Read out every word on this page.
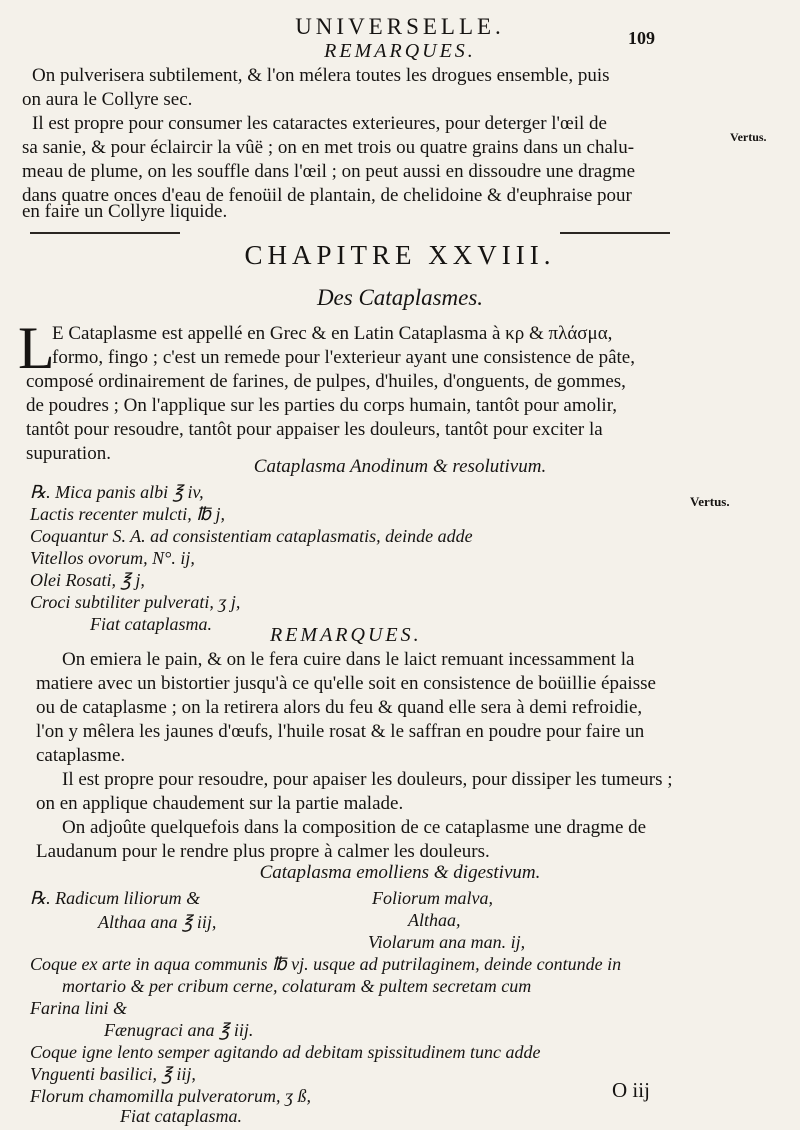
UNIVERSELLE.	109
REMARQUES.
On pulverisera subtilement, & l'on mélera toutes les drogues ensemble, puis
on aura le Collyre sec.
Il est propre pour consumer les cataractes exterieures, pour deterger l'œil de
sa sanie, & pour éclaircir la vûë ; on en met trois ou quatre grains dans un chalu-
meau de plume, on les souffle dans l'œil ; on peut aussi en dissoudre une dragme
dans quatre onces d'eau de fenoüil de plantain, de chelidoine & d'euphraise pour
en faire un Collyre liquide.
Vertus.
CHAPITRE XXVIII.
Des Cataplasmes.
L
E Cataplasme est appellé en Grec & en Latin Cataplasma à κρ & πλάσμα,
formo, fingo ; c'est un remede pour l'exterieur ayant une consistence de pâte,
composé ordinairement de farines, de pulpes, d'huiles, d'onguents, de gommes,
de poudres ; On l'applique sur les parties du corps humain, tantôt pour amolir,
tantôt pour resoudre, tantôt pour appaiser les douleurs, tantôt pour exciter la
supuration.
Cataplasma Anodinum & resolutivum.
℞. Mica panis albi ℥ iv,
Lactis recenter mulcti, ℔ j,
Coquantur S. A. ad consistentiam cataplasmatis, deinde adde
Vitellos ovorum, N°. ij,
Olei Rosati, ℥ j,
Croci subtiliter pulverati, ʒ j,
Fiat cataplasma.
Vertus.
REMARQUES.
On emiera le pain, & on le fera cuire dans le laict remuant incessamment la
matiere avec un bistortier jusqu'à ce qu'elle soit en consistence de boüillie épaisse
ou de cataplasme ; on la retirera alors du feu & quand elle sera à demi refroidie,
l'on y mêlera les jaunes d'œufs, l'huile rosat & le saffran en poudre pour faire un
cataplasme.
Il est propre pour resoudre, pour apaiser les douleurs, pour dissiper les tumeurs ;
on en applique chaudement sur la partie malade.
On adjoûte quelquefois dans la composition de ce cataplasme une dragme de
Laudanum pour le rendre plus propre à calmer les douleurs.
Cataplasma emolliens & digestivum.
℞. Radicum liliorum &
Althaa ana ℥ iij,
Foliorum malva,
Althaa,
Violarum ana man. ij,
Coque ex arte in aqua communis ℔ vj. usque ad putrilaginem, deinde contunde in
mortario & per cribum cerne, colaturam & pultem secretam cum
Farina lini &
Fænugraci ana ℥ iij.
Coque igne lento semper agitando ad debitam spissitudinem tunc adde
Vnguenti basilici, ℥ iij,
Florum chamomilla pulveratorum, ʒ ß,
Fiat cataplasma.
O iij
